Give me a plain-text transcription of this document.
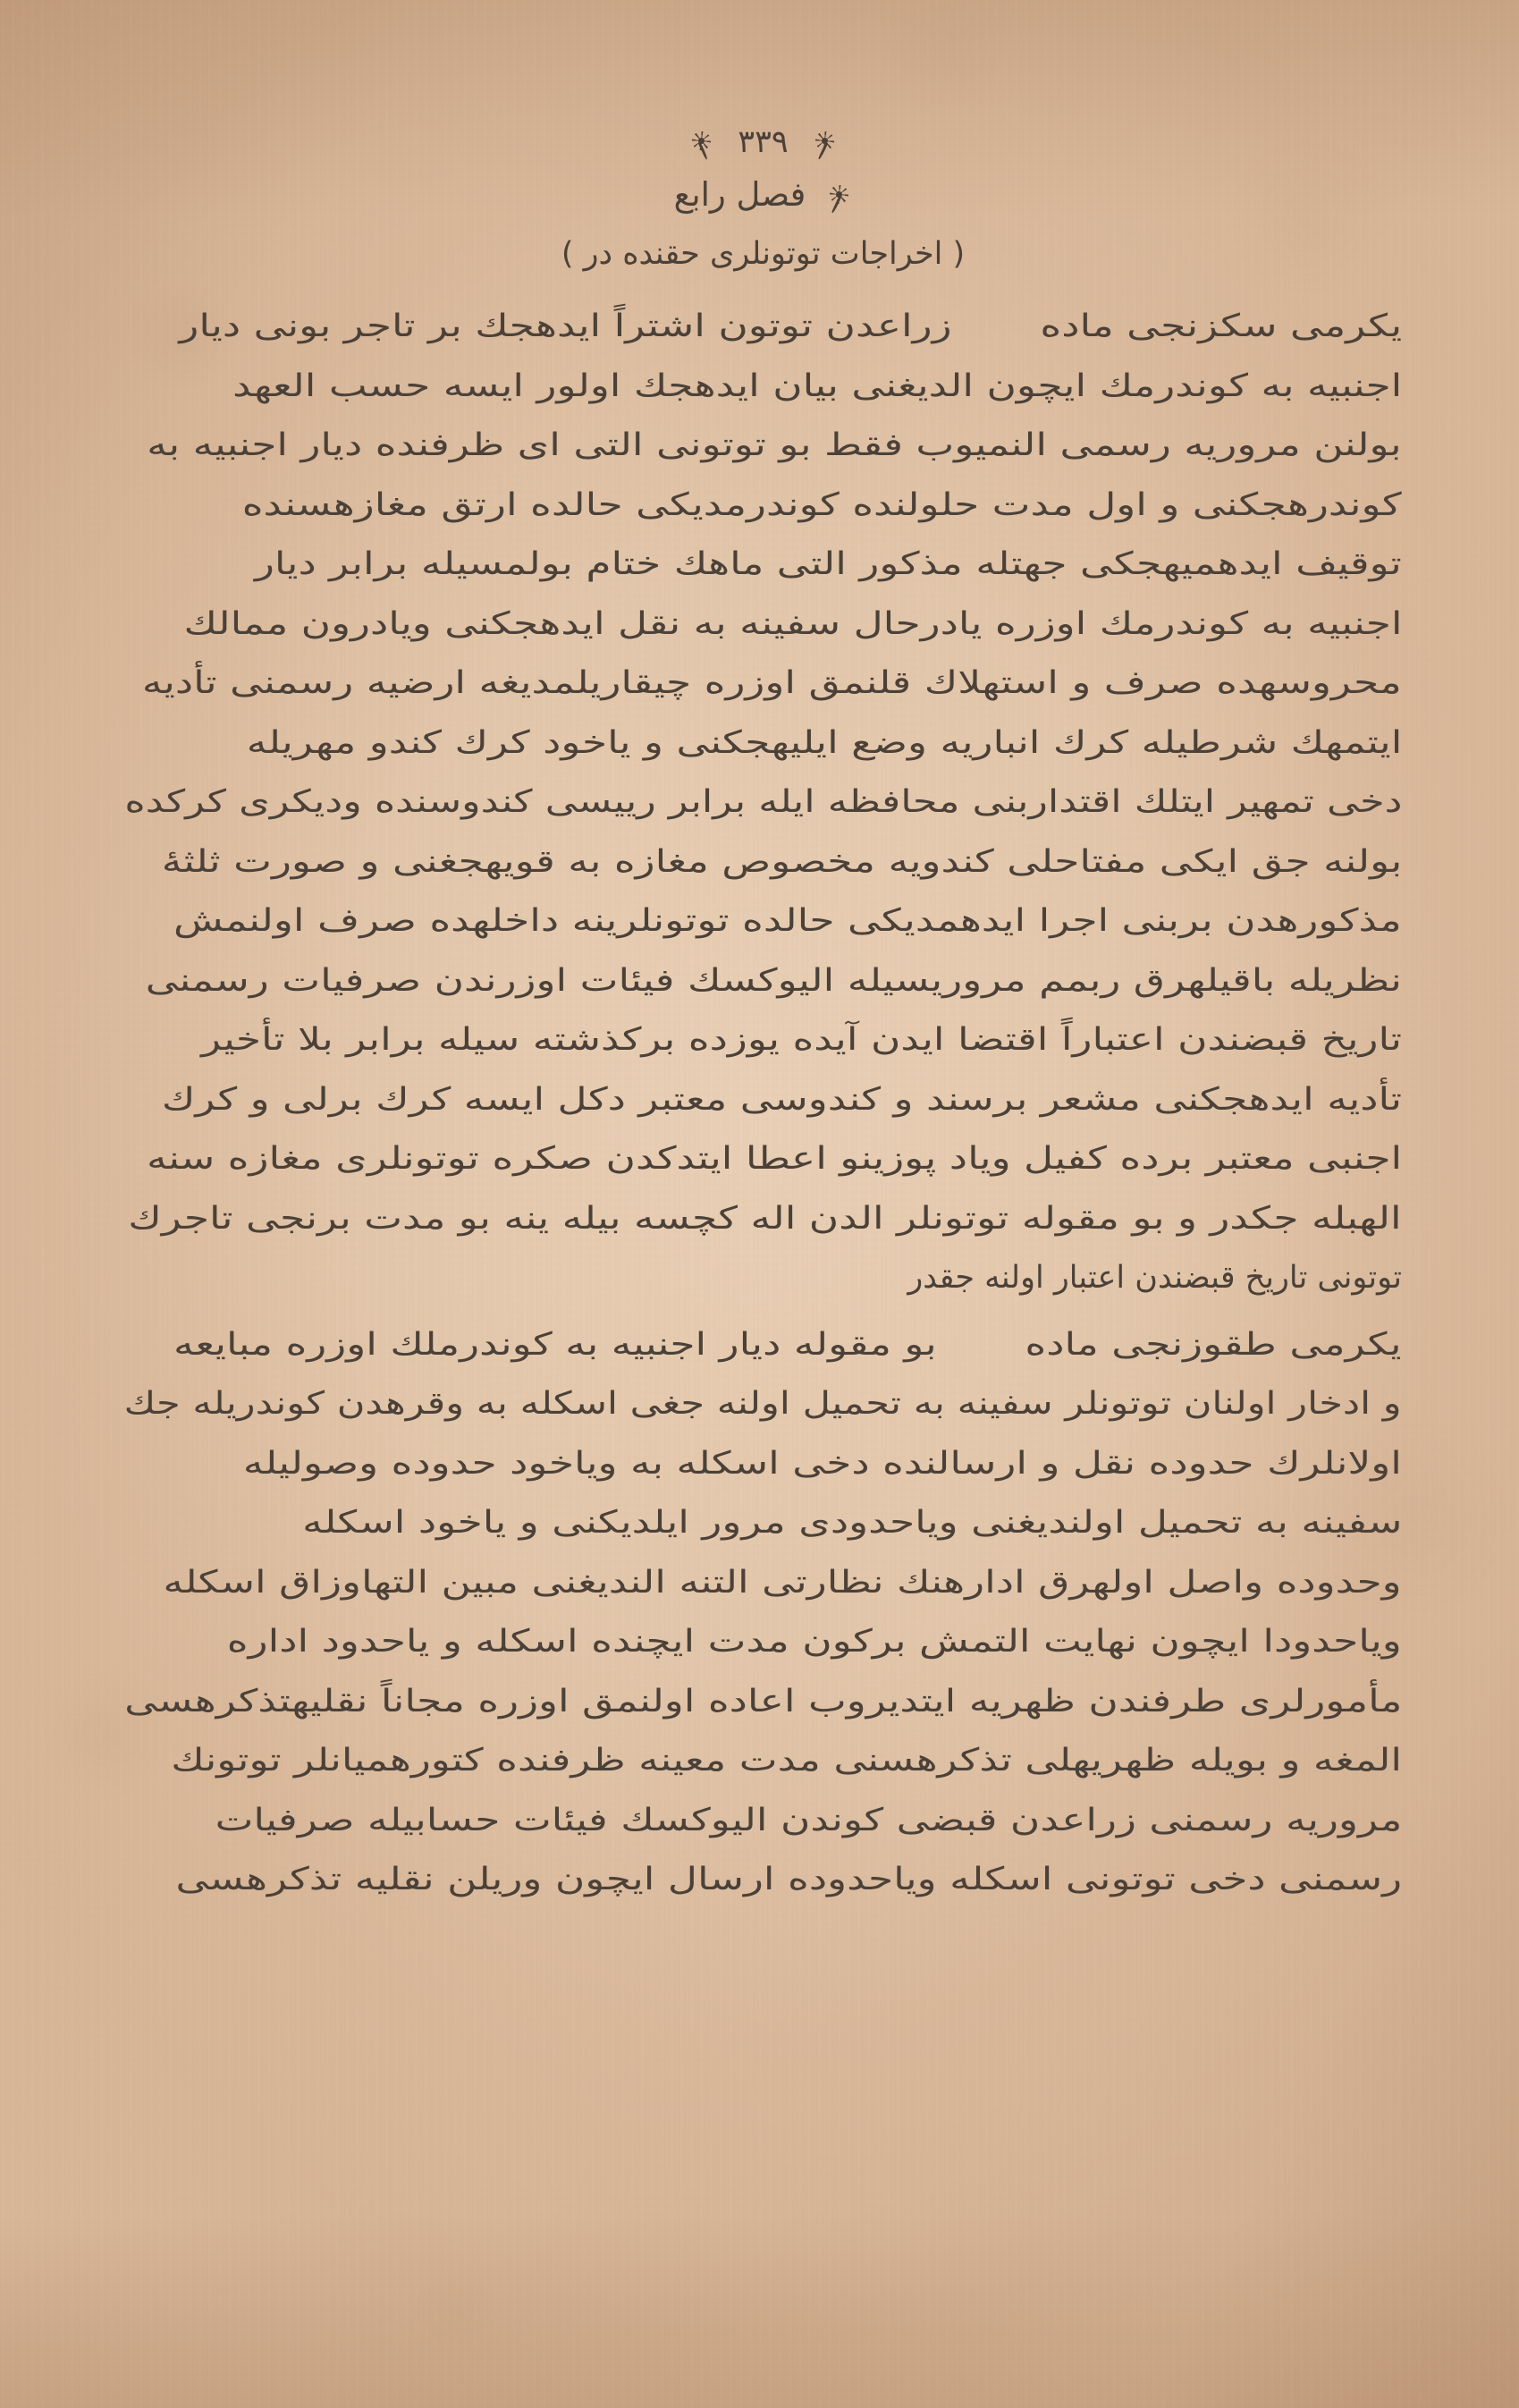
٣٣٩
فصل رابع
( اخراجات توتونلری حقنده در )
یکرمی سکزنجی مادهزراعدن توتون اشتراً ایدهجك بر تاجر بونی دیار
اجنبیه به كوندرمك ایچون الدیغنی بیان ایدهجك اولور ایسه حسب العهد
بولنن مروریه رسمی النمیوب فقط بو توتونی التی ای ظرفنده دیار اجنبیه به
كوندرهجكنی و اول مدت حلولنده كوندرمدیكی حالده ارتق مغازهسنده
توقیف ایدهمیهجكی جهتله مذكور التی ماهك ختام بولمسیله برابر دیار
اجنبیه به كوندرمك اوزره یادرحال سفینه به نقل ایدهجكنی ویادرون ممالك
محروسهده صرف و استهلاك قلنمق اوزره چیقاریلمدیغه ارضیه رسمنی تأدیه
ایتمهك شرطیله كرك انباریه وضع ایلیهجكنی و یاخود كرك كندو مهریله
دخی تمهیر ایتلك اقتداربنی محافظه ایله برابر رییسی كندوسنده ودیكری كركده
بولنه جق ایكی مفتاحلی كندویه مخصوص مغازه به قویهجغنی و صورت ثلثهٔ
مذكورهدن بربنی اجرا ایدهمدیكی حالده توتونلرینه داخلهده صرف اولنمش
نظریله باقیلهرق ربمم مروریسیله الیوكسك فیئات اوزرندن صرفیات رسمنی
تاریخ قبضندن اعتباراً اقتضا ایدن آیده یوزده بركذشته سیله برابر بلا تأخیر
تأدیه ایدهجكنی مشعر برسند و كندوسی معتبر دكل ایسه كرك برلی و كرك
اجنبی معتبر برده كفیل ویاد پوزینو اعطا ایتدكدن صكره توتونلری مغازه سنه
الهبله جكدر و بو مقوله توتونلر الدن اله كچسه بیله ینه بو مدت برنجی تاجرك
توتونی تاریخ قبضندن اعتبار اولنه جقدر
یکرمی طقوزنجی مادهبو مقوله دیار اجنبیه به كوندرملك اوزره مبایعه
و ادخار اولنان توتونلر سفینه به تحمیل اولنه جغی اسكله به وقرهدن كوندریله جك
اولانلرك حدوده نقل و ارسالنده دخی اسكله به ویاخود حدوده وصولیله
سفینه به تحمیل اولندیغنی ویاحدودی مرور ایلدیكنی و یاخود اسكله
وحدوده واصل اولهرق ادارهنك نظارتی التنه الندیغنی مبین التهاوزاق اسكله
ویاحدودا ایچون نهایت التمش بركون مدت ایچنده اسكله و یاحدود اداره
مأمورلری طرفندن ظهریه ایتدیروب اعاده اولنمق اوزره مجاناً نقلیهتذكرهسی
المغه و بویله ظهریهلی تذكرهسنی مدت معینه ظرفنده كتورهمیانلر توتونك
مروریه رسمنی زراعدن قبضی كوندن الیوكسك فیئات حسابیله صرفیات
رسمنی دخی توتونی اسكله ویاحدوده ارسال ایچون وریلن نقلیه تذكرهسی
